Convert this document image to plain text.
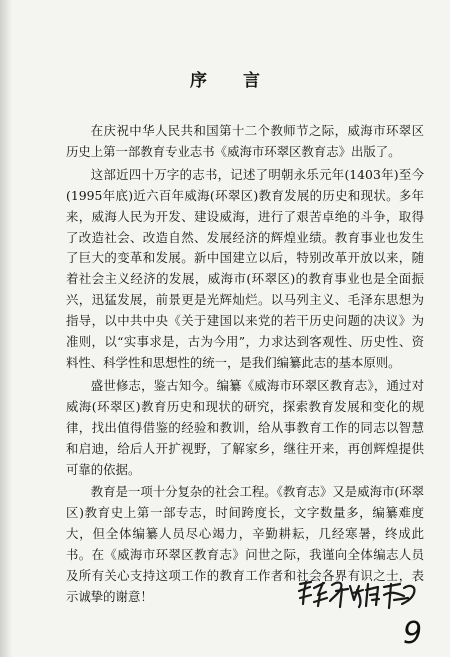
序言

在庆祝中华人民共和国第十二个教师节之际，威海市环翠区历史上第一部教育专业志书《威海市环翠区教育志》出版了。

这部近四十万字的志书，记述了明朝永乐元年(1403年)至今(1995年底)近六百年威海(环翠区)教育发展的历史和现状。多年来，威海人民为开发、建设威海，进行了艰苦卓绝的斗争，取得了改造社会、改造自然、发展经济的辉煌业绩。教育事业也发生了巨大的变革和发展。新中国建立以后，特别改革开放以来，随着社会主义经济的发展，威海市(环翠区)的教育事业也是全面振兴，迅猛发展，前景更是光辉灿烂。以马列主义、毛泽东思想为指导，以中共中央《关于建国以来党的若干历史问题的决议》为准则，以“实事求是，古为今用”，力求达到客观性、历史性、资料性、科学性和思想性的统一，是我们编纂此志的基本原则。

盛世修志，鉴古知今。编纂《威海市环翠区教育志》，通过对威海(环翠区)教育历史和现状的研究，探索教育发展和变化的规律，找出值得借鉴的经验和教训，给从事教育工作的同志以智慧和启迪，给后人开扩视野，了解家乡，继往开来，再创辉煌提供可靠的依据。

教育是一项十分复杂的社会工程。《教育志》又是威海市(环翠区)教育史上第一部专志，时间跨度长，文字数量多，编纂难度大，但全体编纂人员尽心竭力，辛勤耕耘，几经寒暑，终成此书。在《威海市环翠区教育志》问世之际，我谨向全体编志人员及所有关心支持这项工作的教育工作者和社会各界有识之士，表示诚挚的谢意！

9
